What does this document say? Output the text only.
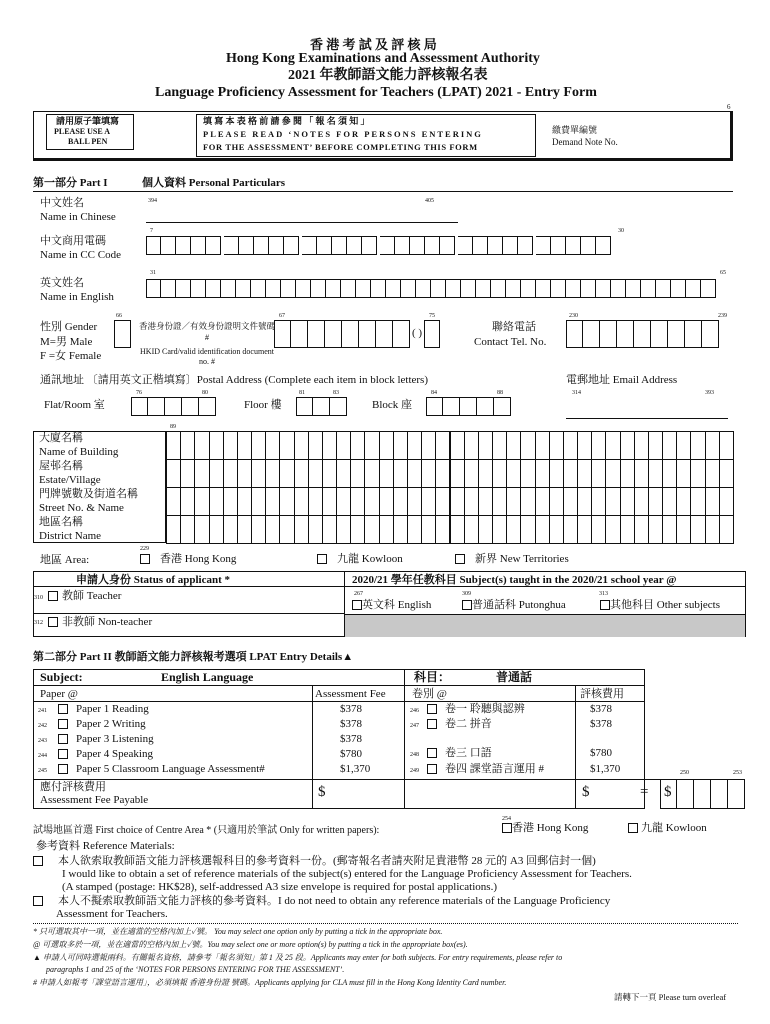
香 港 考 試 及 評 核 局
Hong Kong Examinations and Assessment Authority
2021 年教師語文能力評核報名表
Language Proficiency Assessment for Teachers (LPAT) 2021 - Entry Form
6
請用原子筆填寫
PLEASE USE A
BALL PEN
填 寫 本 表 格 前 請 參 閱 「 報 名 須 知 」
PLEASE READ ‘NOTES FOR PERSONS ENTERING
FOR THE ASSESSMENT’ BEFORE COMPLETING THIS FORM
繳費單編號
Demand Note No.
第一部分 Part I	個人資料 Personal Particulars
中文姓名
Name in Chinese
394	405
中文商用電碼
Name in CC Code
7	30
英文姓名
Name in English
31	65
性別 Gender
M=男 Male
F =女 Female
66
香港身份證／有效身份證明文件號碼 #
HKID Card/valid identification document no. #
67	75
( )	聯絡電話
Contact Tel. No.
230	239
通訊地址 〔請用英文正楷填寫〕Postal Address (Complete each item in block letters)	電郵地址 Email Address
314	393
Flat/Room 室
76	80
Floor 樓
81	83
Block 座
84	88
89
大廈名稱
Name of Building
屋邨名稱
Estate/Village
門牌號數及街道名稱
Street No. & Name
地區名稱
District Name
地區 Area:
229
香港 Hong Kong	九龍 Kowloon	新界 New Territories
申請人身份 Status of applicant *	2020/21 學年任教科目 Subject(s) taught in the 2020/21 school year @
310	教師 Teacher
312	非教師 Non-teacher
267	309	313
英文科 English	普通話科 Putonghua	其他科目 Other subjects
第二部分 Part II 教師語文能力評核報考選項 LPAT Entry Details▲
Subject:	English Language
Paper @	Assessment Fee
241	Paper 1 Reading	$378
242	Paper 2 Writing	$378
243	Paper 3 Listening	$378
244	Paper 4 Speaking	$780
245	Paper 5 Classroom Language Assessment#	$1,370
應付評核費用
Assessment Fee Payable	$
科目：	普通話
卷別 @	評核費用
246	卷一 聆聽與認辨	$378
247	卷二 拼音	$378
248	卷三 口語	$780
249	卷四 課堂語言運用 #	$1,370
$	= $
250	253
試場地區首選 First choice of Centre Area * (只適用於筆試 Only for written papers):
254
香港 Hong Kong	九龍 Kowloon
參考資料 Reference Materials:
本人欲索取教師語文能力評核選報科目的參考資料一份。(郵寄報名者請夾附足貴港幣 28 元的 A3 回郵信封一個)
I would like to obtain a set of reference materials of the subject(s) entered for the Language Proficiency Assessment for Teachers.
(A stamped (postage: HK$28), self-addressed A3 size envelope is required for postal applications.)
本人不擬索取教師語文能力評核的參考資料。I do not need to obtain any reference materials of the Language Proficiency
Assessment for Teachers.
* 只可選取其中一項，並在適當的空格內加上✓號。 You may select one option only by putting a tick in the appropriate box.
@ 可選取多於一項，並在適當的空格內加上✓號。You may select one or more option(s) by putting a tick in the appropriate box(es).
▲ 申請人可同時選報兩科。有關報名資格，請參考「報名須知」第 1 及 25 段。Applicants may enter for both subjects. For entry requirements, please refer to
paragraphs 1 and 25 of the ‘NOTES FOR PERSONS ENTERING FOR THE ASSESSMENT’.
# 申請人如報考「課堂語言運用」，必須填報 香港身份證 號碼。Applicants applying for CLA must fill in the Hong Kong Identity Card number.
請轉下一頁 Please turn overleaf
